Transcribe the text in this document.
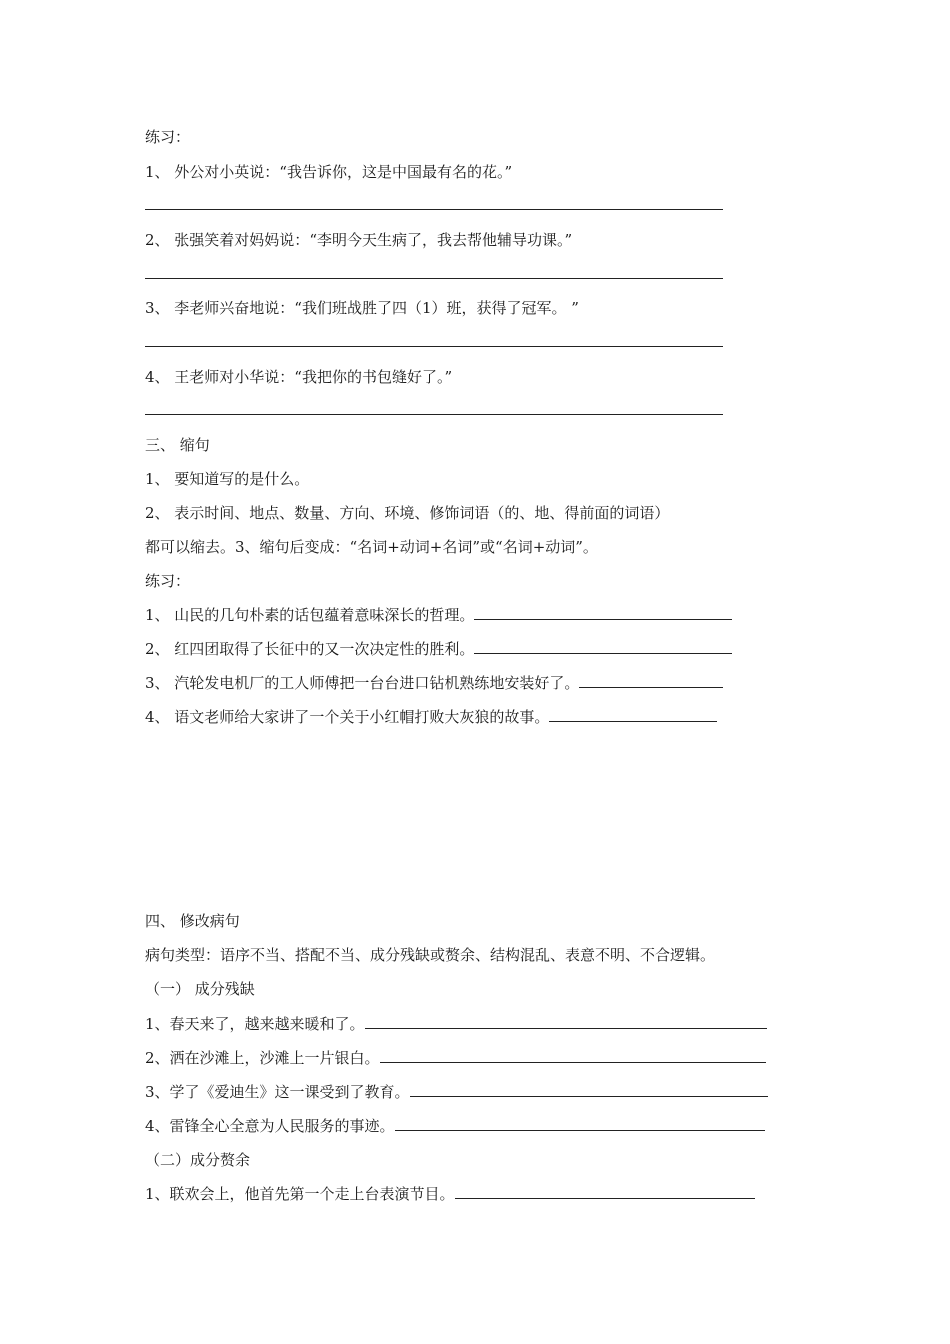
练习：
1、 外公对小英说：“我告诉你，这是中国最有名的花。”
2、 张强笑着对妈妈说：“李明今天生病了，我去帮他辅导功课。”
3、 李老师兴奋地说：“我们班战胜了四（1）班，获得了冠军。 ”
4、 王老师对小华说：“我把你的书包缝好了。”
三、 缩句
1、 要知道写的是什么。
2、 表示时间、地点、数量、方向、环境、修饰词语（的、地、得前面的词语）
都可以缩去。3、缩句后变成：“名词+动词+名词”或“名词+动词”。
练习：
1、 山民的几句朴素的话包蕴着意味深长的哲理。
2、 红四团取得了长征中的又一次决定性的胜利。
3、 汽轮发电机厂的工人师傅把一台台进口钻机熟练地安装好了。
4、 语文老师给大家讲了一个关于小红帽打败大灰狼的故事。
四、 修改病句
病句类型：语序不当、搭配不当、成分残缺或赘余、结构混乱、表意不明、不合逻辑。
（一） 成分残缺
1、春天来了，越来越来暖和了。
2、洒在沙滩上，沙滩上一片银白。
3、学了《爱迪生》这一课受到了教育。
4、雷锋全心全意为人民服务的事迹。
（二）成分赘余
1、联欢会上，他首先第一个走上台表演节目。
